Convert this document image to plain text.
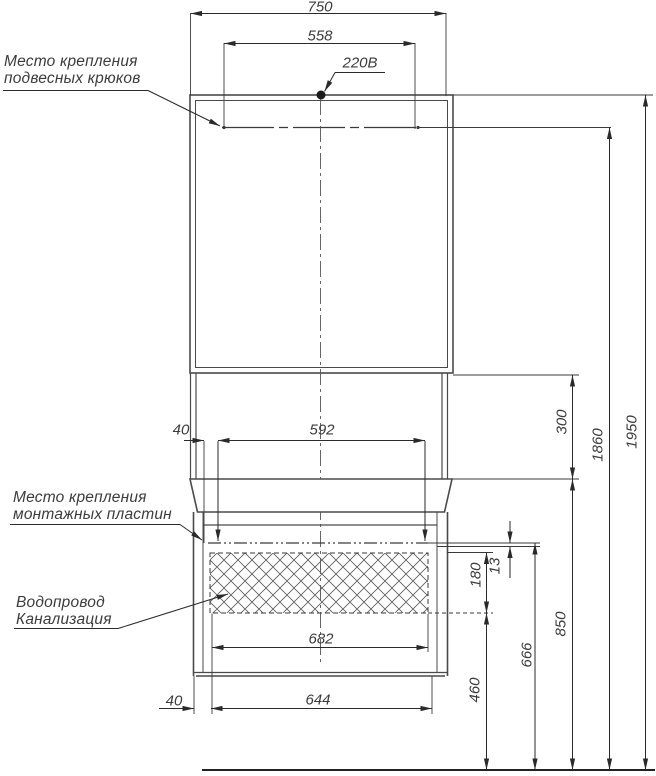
Место крепления
подвесных крюков
Место крепления
монтажных пластин
Водопровод
Канализация
220В
750
558
40	592
682
644
40
300
1860 1950
13
180
460
666
850
